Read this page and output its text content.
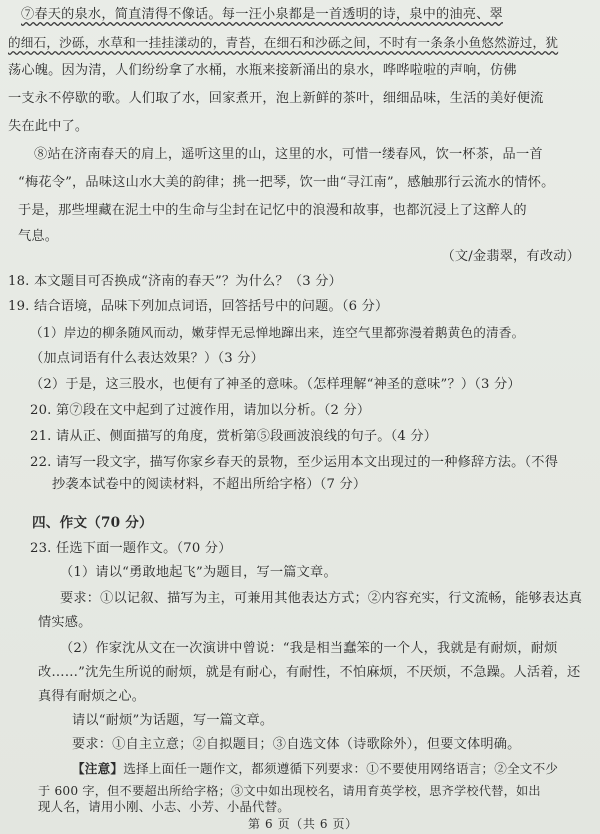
⑦春天的泉水，简直清得不像话。每一汪小泉都是一首透明的诗，泉中的油亮、翠
的细石，沙砾，水草和一挂挂漾动的，青苔，在细石和沙砾之间，不时有一条条小鱼悠然游过，犹
荡心魄。因为清，人们纷纷拿了水桶，水瓶来接新涌出的泉水，哗哗啦啦的声响，仿佛
一支永不停歇的歌。人们取了水，回家煮开，泡上新鲜的茶叶，细细品味，生活的美好便流
失在此中了。
⑧站在济南春天的肩上，遥听这里的山，这里的水，可惜一缕春风，饮一杯茶，品一首
“梅花令”，品味这山水大美的韵律；挑一把琴，饮一曲“寻江南”，感触那行云流水的情怀。
于是，那些埋藏在泥土中的生命与尘封在记忆中的浪漫和故事，也都沉浸上了这醉人的
气息。
（文/金翡翠，有改动）
18. 本文题目可否换成“济南的春天”？为什么？（3 分）
19. 结合语境，品味下列加点词语，回答括号中的问题。（6 分）
（1）岸边的柳条随风而动，嫩芽悍无忌惮地蹿出来，连空气里都弥漫着鹅黄色的清香。
（加点词语有什么表达效果？）（3 分）
（2）于是，这三股水，也便有了神圣的意味。（怎样理解“神圣的意味”？）（3 分）
20. 第⑦段在文中起到了过渡作用，请加以分析。（2 分）
21. 请从正、侧面描写的角度，赏析第⑤段画波浪线的句子。（4 分）
22. 请写一段文字，描写你家乡春天的景物，至少运用本文出现过的一种修辞方法。（不得
抄袭本试卷中的阅读材料，不超出所给字格）（7 分）
四、作文（70 分）
23. 任选下面一题作文。（70 分）
（1）请以“勇敢地起飞”为题目，写一篇文章。
要求：①以记叙、描写为主，可兼用其他表达方式；②内容充实，行文流畅，能够表达真
情实感。
（2）作家沈从文在一次演讲中曾说：“我是相当蠢笨的一个人，我就是有耐烦，耐烦
改……”沈先生所说的耐烦，就是有耐心，有耐性，不怕麻烦，不厌烦，不急躁。人活着，还
真得有耐烦之心。
请以“耐烦”为话题，写一篇文章。
要求：①自主立意；②自拟题目；③自选文体（诗歌除外），但要文体明确。
【注意】选择上面任一题作文，都须遵循下列要求：①不要使用网络语言；②全文不少
于 600 字，但不要超出所给字格；③文中如出现校名，请用育英学校，思齐学校代替，如出
现人名，请用小刚、小志、小芳、小晶代替。
第 6 页（共 6 页）
